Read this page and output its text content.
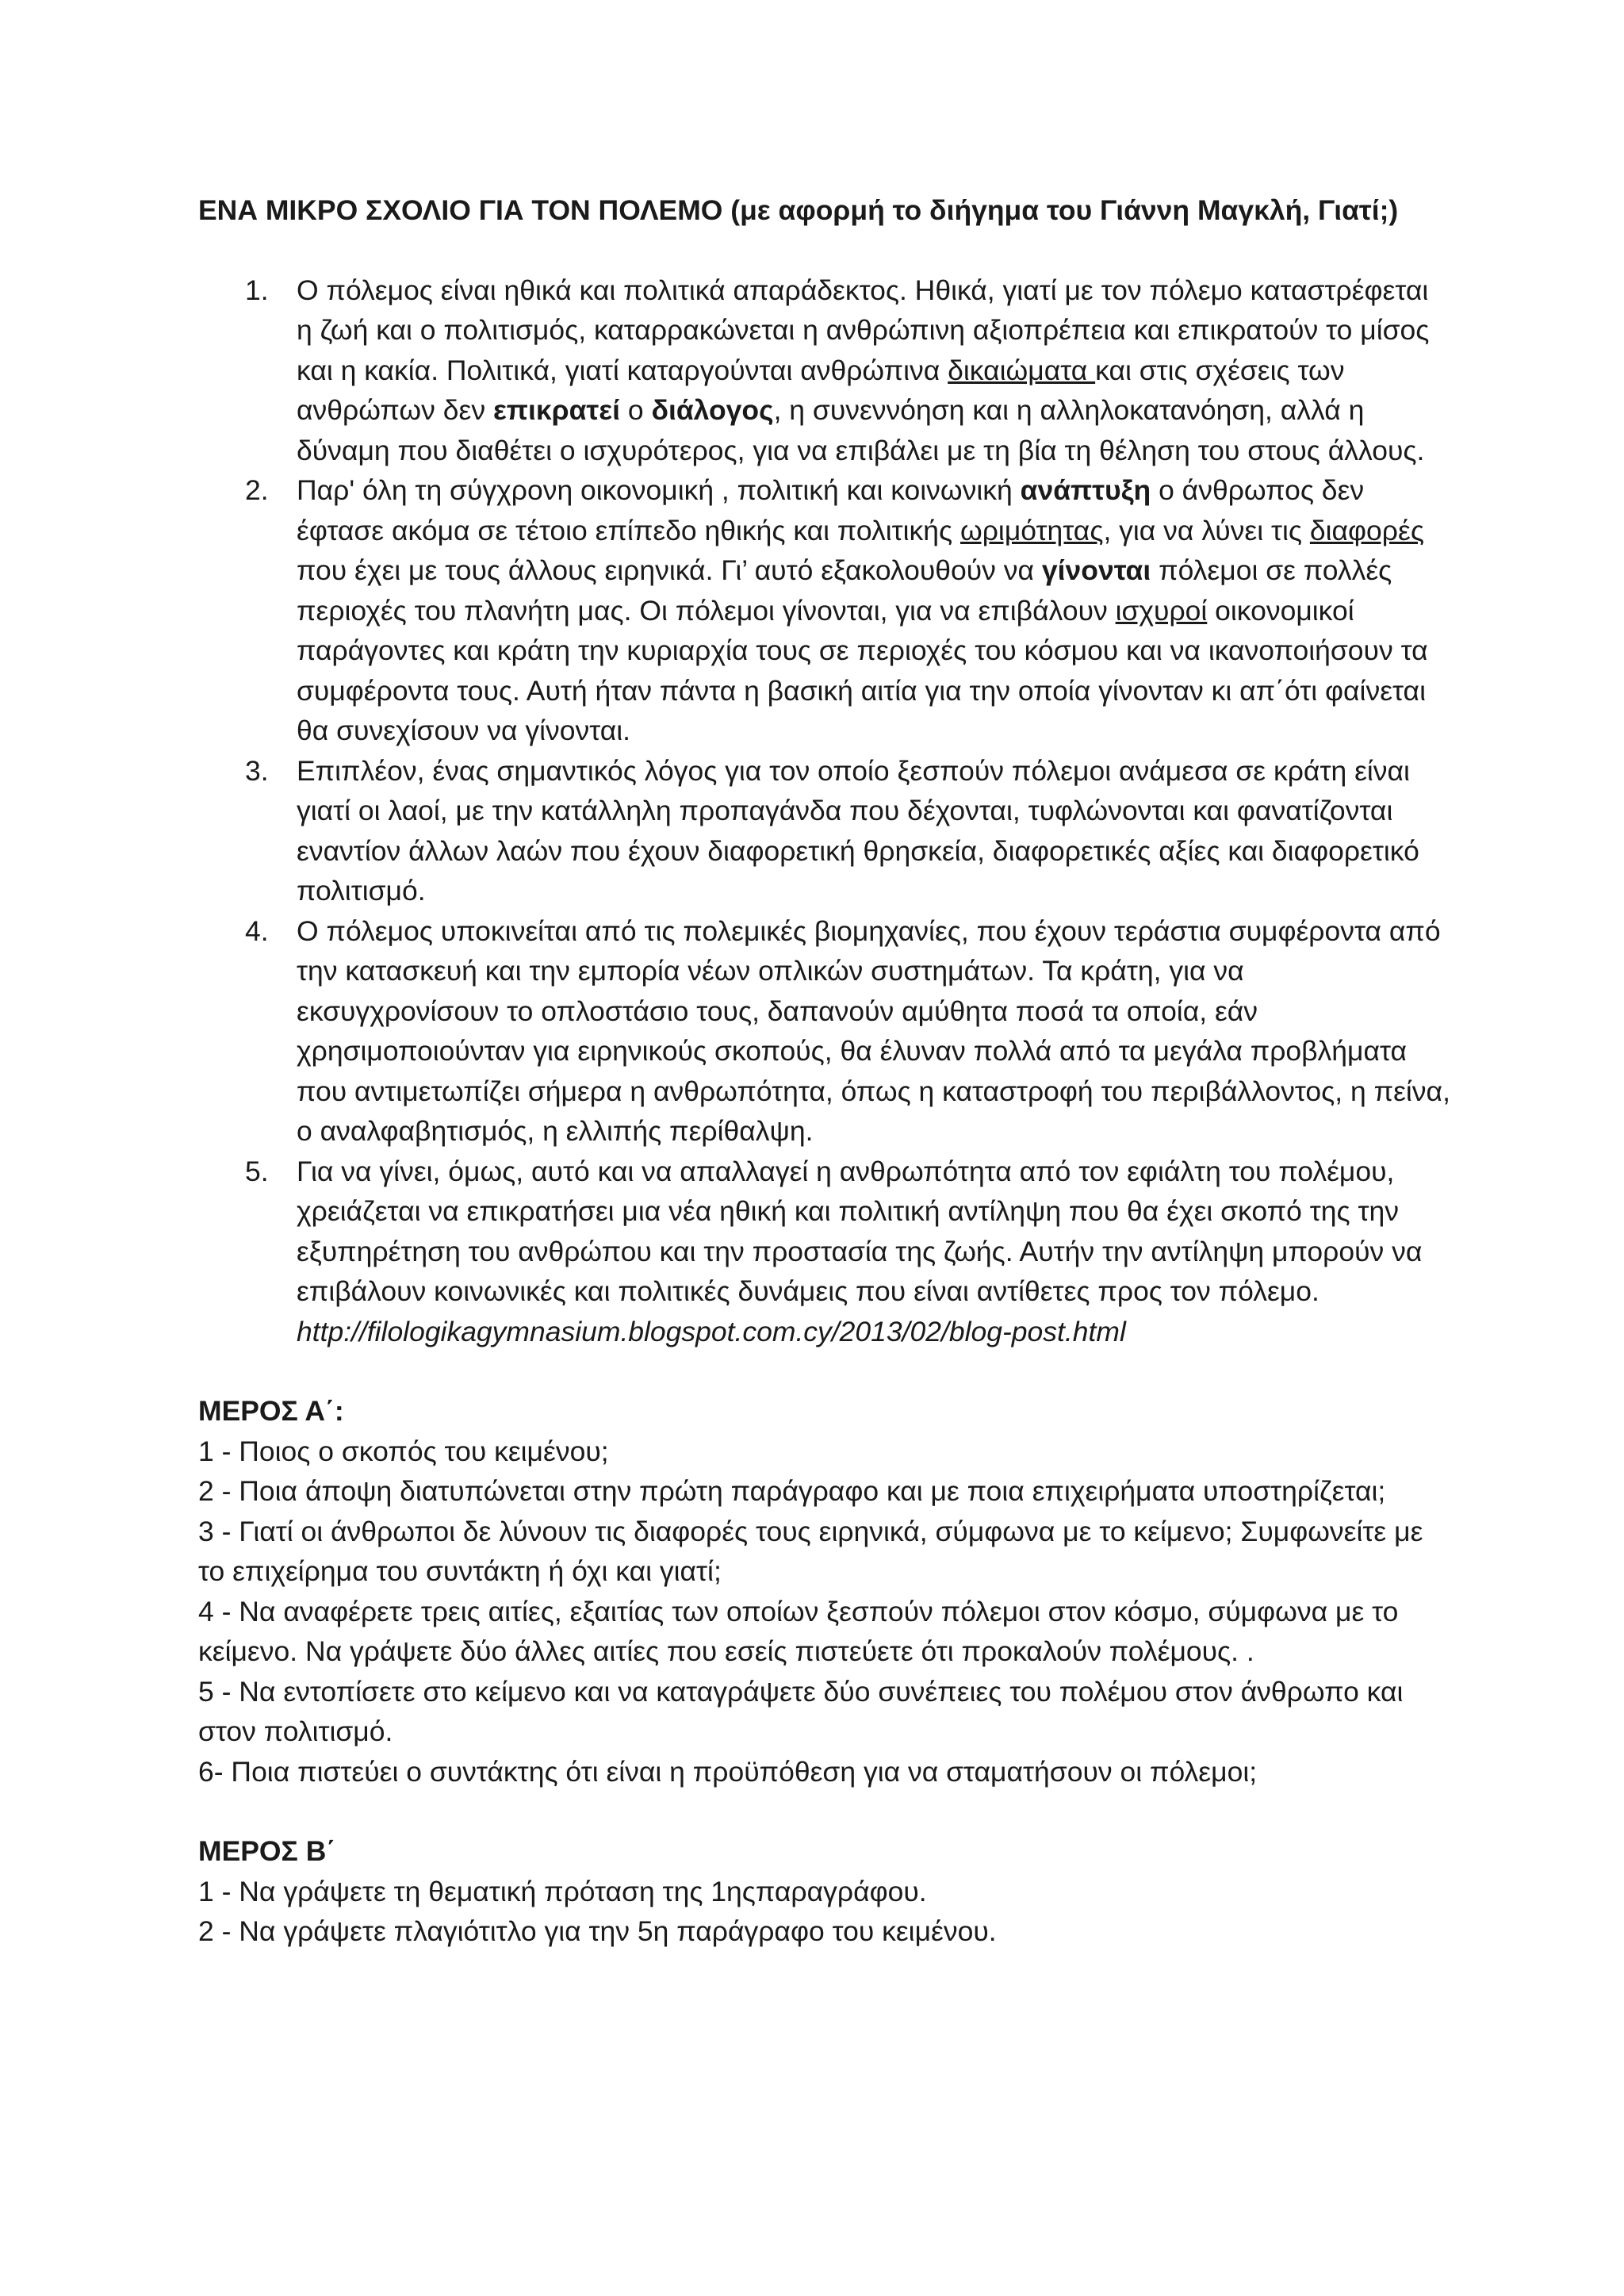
ΕΝΑ ΜΙΚΡΟ ΣΧΟΛΙΟ ΓΙΑ ΤΟΝ ΠΟΛΕΜΟ (με αφορμή το διήγημα του Γιάννη Μαγκλή, Γιατί;)

1. Ο πόλεμος είναι ηθικά και πολιτικά απαράδεκτος. Ηθικά, γιατί με τον πόλεμο καταστρέφεται η ζωή και ο πολιτισμός, καταρρακώνεται η ανθρώπινη αξιοπρέπεια και επικρατούν το μίσος και η κακία. Πολιτικά, γιατί καταργούνται ανθρώπινα δικαιώματα και στις σχέσεις των ανθρώπων δεν επικρατεί ο διάλογος, η συνεννόηση και η αλληλοκατανόηση, αλλά η δύναμη που διαθέτει ο ισχυρότερος, για να επιβάλει με τη βία τη θέληση του στους άλλους.
2. Παρ' όλη τη σύγχρονη οικονομική , πολιτική και κοινωνική ανάπτυξη ο άνθρωπος δεν έφτασε ακόμα σε τέτοιο επίπεδο ηθικής και πολιτικής ωριμότητας, για να λύνει τις διαφορές που έχει με τους άλλους ειρηνικά. Γι’ αυτό εξακολουθούν να γίνονται πόλεμοι σε πολλές περιοχές του πλανήτη μας. Οι πόλεμοι γίνονται, για να επιβάλουν ισχυροί οικονομικοί παράγοντες και κράτη την κυριαρχία τους σε περιοχές του κόσμου και να ικανοποιήσουν τα συμφέροντα τους. Αυτή ήταν πάντα η βασική αιτία για την οποία γίνονταν κι απ΄ότι φαίνεται θα συνεχίσουν να γίνονται.
3. Επιπλέον, ένας σημαντικός λόγος για τον οποίο ξεσπούν πόλεμοι ανάμεσα σε κράτη είναι γιατί οι λαοί, με την κατάλληλη προπαγάνδα που δέχονται, τυφλώνονται και φανατίζονται εναντίον άλλων λαών που έχουν διαφορετική θρησκεία, διαφορετικές αξίες και διαφορετικό πολιτισμό.
4. Ο πόλεμος υποκινείται από τις πολεμικές βιομηχανίες, που έχουν τεράστια συμφέροντα από την κατασκευή και την εμπορία νέων οπλικών συστημάτων. Τα κράτη, για να εκσυγχρονίσουν το οπλοστάσιο τους, δαπανούν αμύθητα ποσά τα οποία, εάν χρησιμοποιούνταν για ειρηνικούς σκοπούς, θα έλυναν πολλά από τα μεγάλα προβλήματα που αντιμετωπίζει σήμερα η ανθρωπότητα, όπως η καταστροφή του περιβάλλοντος, η πείνα, ο αναλφαβητισμός, η ελλιπής περίθαλψη.
5. Για να γίνει, όμως, αυτό και να απαλλαγεί η ανθρωπότητα από τον εφιάλτη του πολέμου, χρειάζεται να επικρατήσει μια νέα ηθική και πολιτική αντίληψη που θα έχει σκοπό της την εξυπηρέτηση του ανθρώπου και την προστασία της ζωής. Αυτήν την αντίληψη μπορούν να επιβάλουν κοινωνικές και πολιτικές δυνάμεις που είναι αντίθετες προς τον πόλεμο.
http://filologikagymnasium.blogspot.com.cy/2013/02/blog-post.html

ΜΕΡΟΣ Α΄:

1 - Ποιος ο σκοπός του κειμένου;

2 - Ποια άποψη διατυπώνεται στην πρώτη παράγραφο και με ποια επιχειρήματα υποστηρίζεται;

3 - Γιατί οι άνθρωποι δε λύνουν τις διαφορές τους ειρηνικά, σύμφωνα με το κείμενο; Συμφωνείτε με το επιχείρημα του συντάκτη ή όχι και γιατί;

4 - Να αναφέρετε τρεις αιτίες, εξαιτίας των οποίων ξεσπούν πόλεμοι στον κόσμο, σύμφωνα με το κείμενο. Να γράψετε δύο άλλες αιτίες που εσείς πιστεύετε ότι προκαλούν πολέμους. .

5 - Να εντοπίσετε στο κείμενο και να καταγράψετε δύο συνέπειες του πολέμου στον άνθρωπο και στον πολιτισμό.

6- Ποια πιστεύει ο συντάκτης ότι είναι η προϋπόθεση για να σταματήσουν οι πόλεμοι;

ΜΕΡΟΣ Β΄

1 - Να γράψετε τη θεματική πρόταση της 1ηςπαραγράφου.

2 - Να γράψετε πλαγιότιτλο για την 5η παράγραφο του κειμένου.
